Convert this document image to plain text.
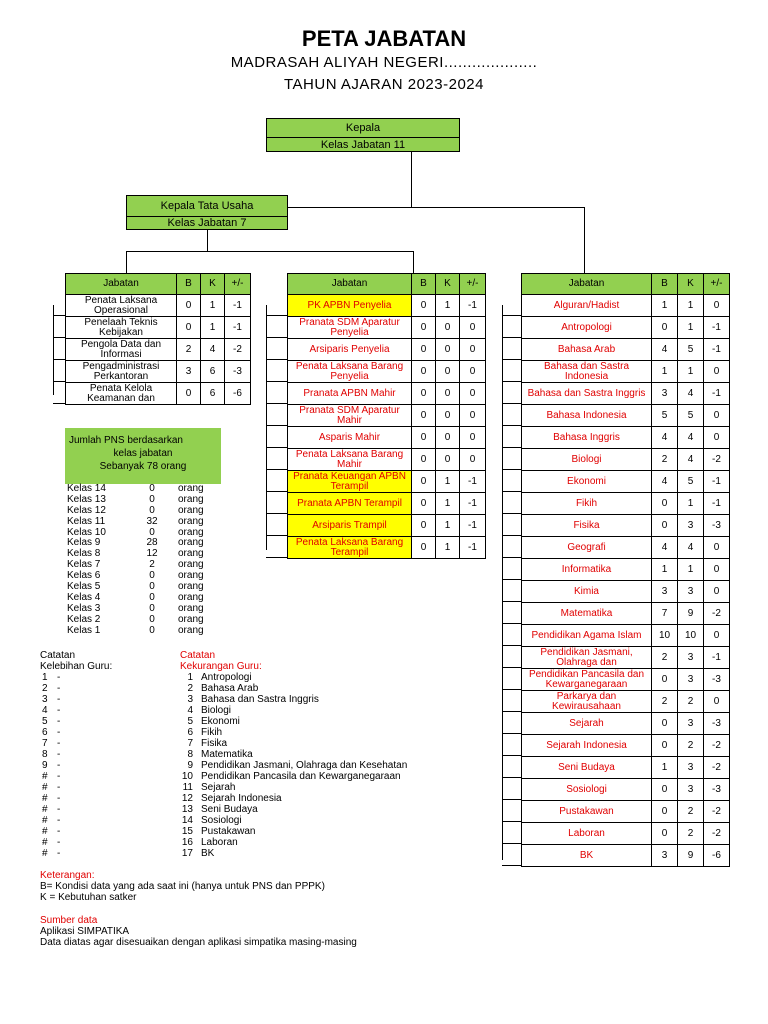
PETA JABATAN
MADRASAH ALIYAH NEGERI....................
TAHUN AJARAN 2023-2024
Kepala
Kelas Jabatan 11
Kepala Tata Usaha
Kelas Jabatan 7
Jabatan	B	K	+/-
Penata Laksana Operasional	0	1	-1
Penelaah Teknis Kebijakan	0	1	-1
Pengola Data dan Informasi	2	4	-2
Pengadministrasi Perkantoran	3	6	-3
Penata Kelola Keamanan dan	0	6	-6
Jabatan	B	K	+/-
PK APBN Penyelia	0	1	-1
Pranata SDM Aparatur Penyelia	0	0	0
Arsiparis Penyelia	0	0	0
Penata Laksana Barang Penyelia	0	0	0
Pranata APBN Mahir	0	0	0
Pranata SDM Aparatur Mahir	0	0	0
Asparis Mahir	0	0	0
Penata Laksana Barang Mahir	0	0	0
Pranata Keuangan APBN Terampil	0	1	-1
Pranata APBN Terampil	0	1	-1
Arsiparis Trampil	0	1	-1
Penata Laksana Barang Terampil	0	1	-1
Jabatan	B	K	+/-
Alguran/Hadist	1	1	0
Antropologi	0	1	-1
Bahasa Arab	4	5	-1
Bahasa dan Sastra Indonesia	1	1	0
Bahasa dan Sastra Inggris	3	4	-1
Bahasa Indonesia	5	5	0
Bahasa Inggris	4	4	0
Biologi	2	4	-2
Ekonomi	4	5	-1
Fikih	0	1	-1
Fisika	0	3	-3
Geografi	4	4	0
Informatika	1	1	0
Kimia	3	3	0
Matematika	7	9	-2
Pendidikan Agama Islam	10	10	0
Pendidikan Jasmani, Olahraga dan	2	3	-1
Pendidikan Pancasila dan Kewarganegaraan	0	3	-3
Parkarya dan Kewirausahaan	2	2	0
Sejarah	0	3	-3
Sejarah Indonesia	0	2	-2
Seni Budaya	1	3	-2
Sosiologi	0	3	-3
Pustakawan	0	2	-2
Laboran	0	2	-2
BK	3	9	-6
Jumlah PNS berdasarkan
kelas jabatan
Sebanyak 78 orang
Kelas 14	0	orang
Kelas 13	0	orang
Kelas 12	0	orang
Kelas 11	32 orang
Kelas 10	0	orang
Kelas 9	28 orang
Kelas 8	12 orang
Kelas 7	2	orang
Kelas 6	0	orang
Kelas 5	0	orang
Kelas 4	0	orang
Kelas 3	0	orang
Kelas 2	0	orang
Kelas 1	0	orang
Catatan
Kelebihan Guru:
1 -
2 -
3 -
4 -
5 -
6 -
7 -
8 -
9 -
# -
# -
# -
# -
# -
# -
# -
# -
Catatan
Kekurangan Guru:
1 Antropologi
2 Bahasa Arab
3 Bahasa dan Sastra Inggris
4 Biologi
5 Ekonomi
6 Fikih
7 Fisika
8 Matematika
9 Pendidikan Jasmani, Olahraga dan Kesehatan
10 Pendidikan Pancasila dan Kewarganegaraan
11 Sejarah
12 Sejarah Indonesia
13 Seni Budaya
14 Sosiologi
15 Pustakawan
16 Laboran
17 BK
Keterangan:
B= Kondisi data yang ada saat ini (hanya untuk PNS dan PPPK)
K = Kebutuhan satker
Sumber data
Aplikasi SIMPATIKA
Data diatas agar disesuaikan dengan aplikasi simpatika masing-masing
